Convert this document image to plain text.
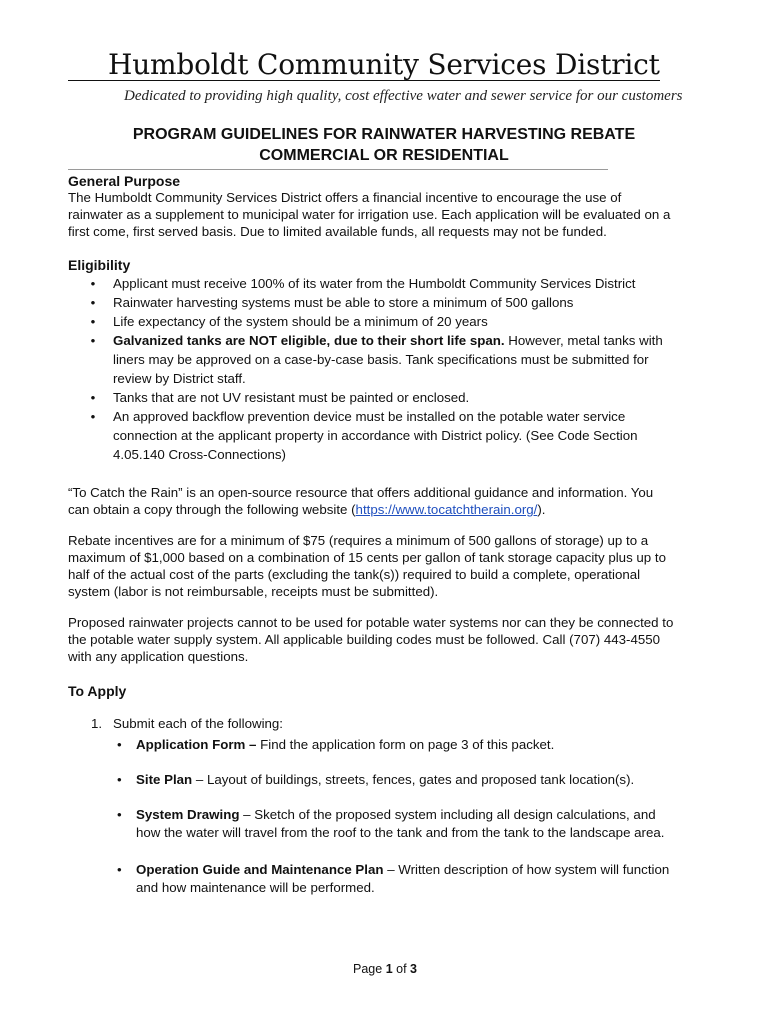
Humboldt Community Services District
Dedicated to providing high quality, cost effective water and sewer service for our customers
PROGRAM GUIDELINES FOR RAINWATER HARVESTING REBATE
COMMERCIAL OR RESIDENTIAL
General Purpose
The Humboldt Community Services District offers a financial incentive to encourage the use of
rainwater as a supplement to municipal water for irrigation use. Each application will be evaluated on a
first come, first served basis. Due to limited available funds, all requests may not be funded.
Eligibility
• Applicant must receive 100% of its water from the Humboldt Community Services District
• Rainwater harvesting systems must be able to store a minimum of 500 gallons
• Life expectancy of the system should be a minimum of 20 years
• Galvanized tanks are NOT eligible, due to their short life span. However, metal tanks with
liners may be approved on a case-by-case basis. Tank specifications must be submitted for
review by District staff.
• Tanks that are not UV resistant must be painted or enclosed.
• An approved backflow prevention device must be installed on the potable water service
connection at the applicant property in accordance with District policy. (See Code Section
4.05.140 Cross-Connections)
“To Catch the Rain” is an open-source resource that offers additional guidance and information. You
can obtain a copy through the following website (https://www.tocatchtherain.org/).
Rebate incentives are for a minimum of $75 (requires a minimum of 500 gallons of storage) up to a
maximum of $1,000 based on a combination of 15 cents per gallon of tank storage capacity plus up to
half of the actual cost of the parts (excluding the tank(s)) required to build a complete, operational
system (labor is not reimbursable, receipts must be submitted).
Proposed rainwater projects cannot to be used for potable water systems nor can they be connected to
the potable water supply system. All applicable building codes must be followed. Call (707) 443-4550
with any application questions.
To Apply
1. Submit each of the following:
• Application Form – Find the application form on page 3 of this packet.
• Site Plan – Layout of buildings, streets, fences, gates and proposed tank location(s).
• System Drawing – Sketch of the proposed system including all design calculations, and
how the water will travel from the roof to the tank and from the tank to the landscape area.
• Operation Guide and Maintenance Plan – Written description of how system will function
and how maintenance will be performed.
Page 1 of 3
